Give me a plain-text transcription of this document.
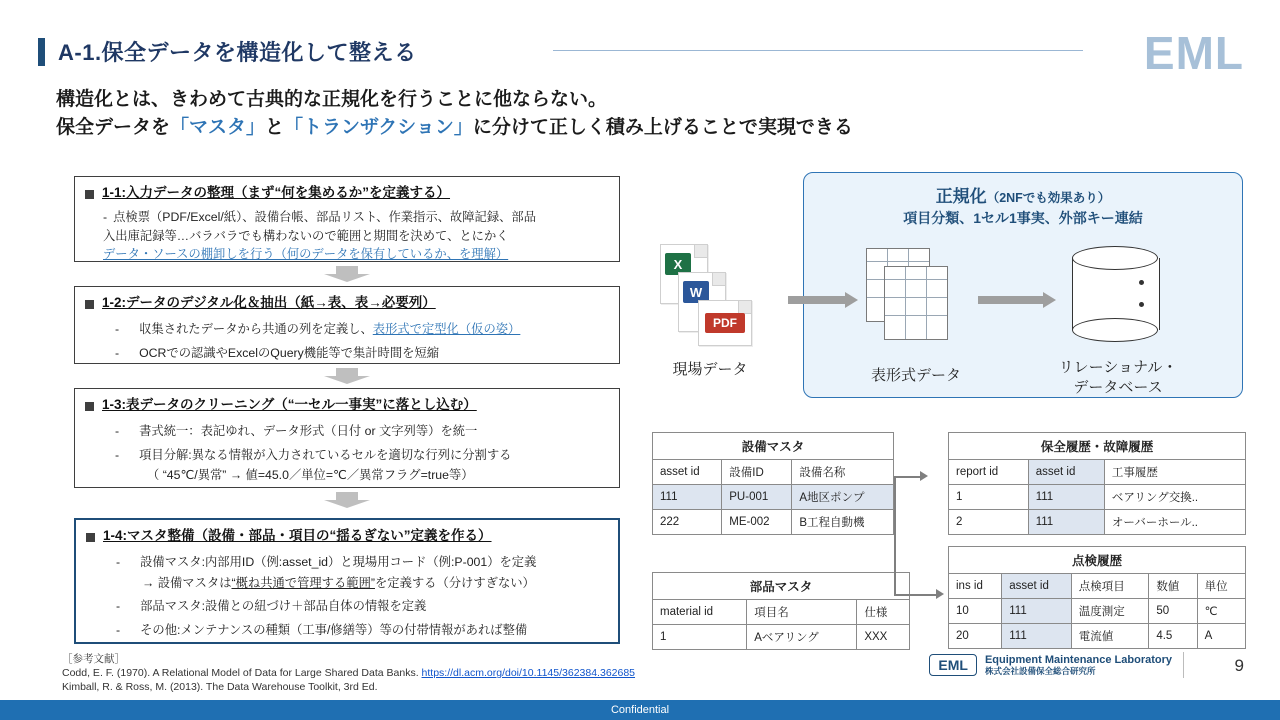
A-1.保全データを構造化して整える	EML
構造化とは、きわめて古典的な正規化を行うことに他ならない。
保全データを「マスタ」と「トランザクション」に分けて正しく積み上げることで実現できる
1-1:入力データの整理（まず“何を集めるか”を定義する）
- 点検票（PDF/Excel/紙）、設備台帳、部品リスト、作業指示、故障記録、部品
入出庫記録等…バラバラでも構わないので範囲と期間を決めて、とにかく
データ・ソースの棚卸しを行う（何のデータを保有しているか、を理解）
1-2:データのデジタル化＆抽出（紙→表、表→必要列）
-	収集されたデータから共通の列を定義し、表形式で定型化（仮の姿）
-	OCRでの認識やExcelのQuery機能等で集計時間を短縮
1-3:表データのクリーニング（“一セル一事実”に落とし込む）
-	書式統一：表記ゆれ、データ形式（日付 or 文字列等）を統一
-	項目分解:異なる情報が入力されているセルを適切な行列に分割する
（ “45℃/異常” → 値=45.0／単位=℃／異常フラグ=true等）
1-4:マスタ整備（設備・部品・項目の“揺るぎない”定義を作る）
-	設備マスタ:内部用ID（例:asset_id）と現場用コード（例:P-001）を定義
→ 設備マスタは“概ね共通で管理する範囲”を定義する（分けすぎない）
-	部品マスタ:設備との紐づけ＋部品自体の情報を定義
-	その他:メンテナンスの種類（工事/修繕等）等の付帯情報があれば整備
正規化（2NFでも効果あり）
項目分類、1セル1事実、外部キー連結
X
W
PDF
現場データ	表形式データ	リレーショナル・
データベース
設備マスタ		
asset id	設備ID	設備名称
111	PU-001	A地区ポンプ
222	ME-002	B工程自動機
保全履歴・故障履歴		
report id	asset id	工事履歴
1	111	ベアリング交換..
2	111	オーバーホール..
部品マスタ		
material id	項目名	仕様
1	Aベアリング	XXX
点検履歴				
ins id	asset id	点検項目	数値	単位
10	111	温度測定	50	℃
20	111	電流値	4.5	A
［参考文献］
Codd, E. F. (1970). A Relational Model of Data for Large Shared Data Banks. https://dl.acm.org/doi/10.1145/362384.362685
Kimball, R. & Ross, M. (2013). The Data Warehouse Toolkit, 3rd Ed.
EML	Equipment Maintenance Laboratory
株式会社設備保全総合研究所	9
Confidential
